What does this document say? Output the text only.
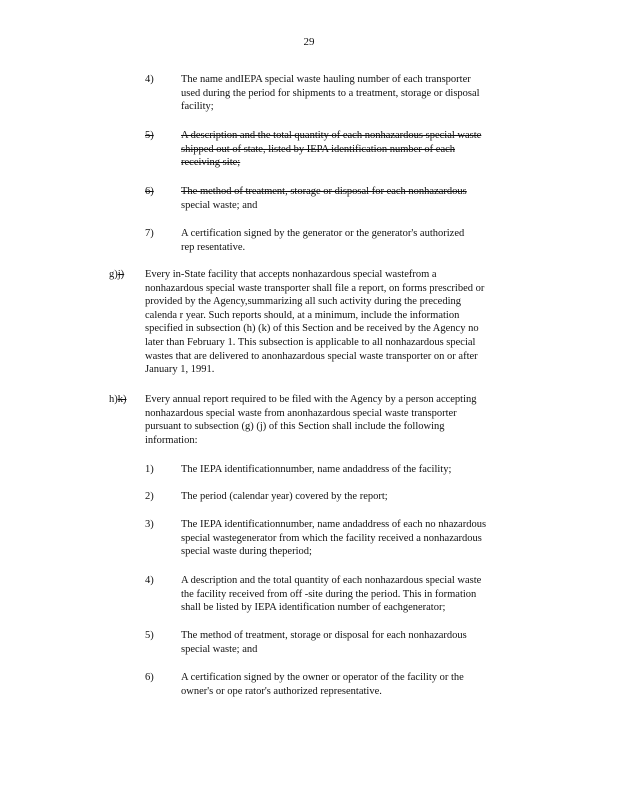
29
4)	The name andIEPA special waste hauling number of each transporter
used during the period for shipments to a treatment, storage or disposal
facility;
5)	A description and the total quantity of each nonhazardous special waste
shipped out of state, listed by IEPA identification number of each
receiving site;
6)	The method of treatment, storage or disposal for each nonhazardous
special waste; and
7)	A certification signed by the generator or the generator's authorized
rep resentative.
g)j) Every in-State facility that accepts nonhazardous special wastefrom a
nonhazardous special waste transporter shall file a report, on forms prescribed or
provided by the Agency,summarizing all such activity during the preceding
calenda r year. Such reports should, at a minimum, include the information
specified in subsection (h) (k) of this Section and be received by the Agency no
later than February 1. This subsection is applicable to all nonhazardous special
wastes that are delivered to anonhazardous special waste transporter on or after
January 1, 1991.
h)k) Every annual report required to be filed with the Agency by a person accepting
nonhazardous special waste from anonhazardous special waste transporter
pursuant to subsection (g) (j) of this Section shall include the following
information:
1)	The IEPA identificationnumber, name andaddress of the facility;
2)	The period (calendar year) covered by the report;
3)	The IEPA identificationnumber, name andaddress of each no nhazardous
special wastegenerator from which the facility received a nonhazardous
special waste during theperiod;
4)	A description and the total quantity of each nonhazardous special waste
the facility received from off -site during the period. This in formation
shall be listed by IEPA identification number of eachgenerator;
5)	The method of treatment, storage or disposal for each nonhazardous
special waste; and
6)	A certification signed by the owner or operator of the facility or the
owner's or ope rator's authorized representative.
